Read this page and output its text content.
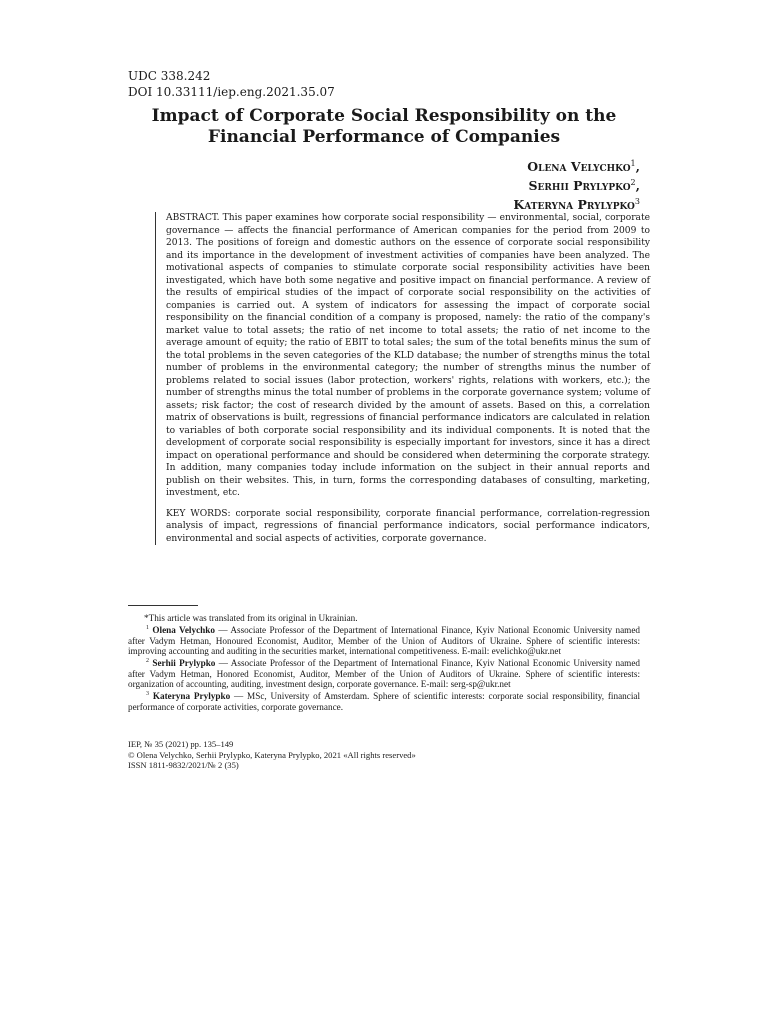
UDC 338.242
DOI 10.33111/iep.eng.2021.35.07
Impact of Corporate Social Responsibility on the
Financial Performance of Companies
Olena Velychko$^1$,
Serhii Prylypko$^2$,
Kateryna Prylypko$^3$

ABSTRACT. This paper examines how corporate social responsibility — environmental, social, corporate governance — affects the financial performance of American companies for the period from 2009 to 2013. The positions of foreign and domestic authors on the essence of corporate social responsibility and its importance in the development of investment activities of companies have been analyzed. The motivational aspects of companies to stimulate corporate social responsibility activities have been investigated, which have both some negative and positive impact on financial performance. A review of the results of empirical studies of the impact of corporate social responsibility on the activities of companies is carried out. A system of indicators for assessing the impact of corporate social responsibility on the financial condition of a company is proposed, namely: the ratio of the company's market value to total assets; the ratio of net income to total assets; the ratio of net income to the average amount of equity; the ratio of EBIT to total sales; the sum of the total benefits minus the sum of the total problems in the seven categories of the KLD database; the number of strengths minus the total number of problems in the environmental category; the number of strengths minus the number of problems related to social issues (labor protection, workers' rights, relations with workers, etc.); the number of strengths minus the total number of problems in the corporate governance system; volume of assets; risk factor; the cost of research divided by the amount of assets. Based on this, a correlation matrix of observations is built, regressions of financial performance indicators are calculated in relation to variables of both corporate social responsibility and its individual components. It is noted that the development of corporate social responsibility is especially important for investors, since it has a direct impact on operational performance and should be considered when determining the corporate strategy. In addition, many companies today include information on the subject in their annual reports and publish on their websites. This, in turn, forms the corresponding databases of consulting, marketing, investment, etc.

KEY WORDS: corporate social responsibility, corporate financial performance, correlation-regression analysis of impact, regressions of financial performance indicators, social performance indicators, environmental and social aspects of activities, corporate governance.

*This article was translated from its original in Ukrainian.

$^1$ Olena Velychko — Associate Professor of the Department of International Finance, Kyiv National Economic University named after Vadym Hetman, Honoured Economist, Auditor, Member of the Union of Auditors of Ukraine. Sphere of scientific interests: improving accounting and auditing in the securities market, international competitiveness. E-mail: evelichko@ukr.net

$^2$ Serhii Prylypko — Associate Professor of the Department of International Finance, Kyiv National Economic University named after Vadym Hetman, Honored Economist, Auditor, Member of the Union of Auditors of Ukraine. Sphere of scientific interests: organization of accounting, auditing, investment design, corporate governance. E-mail: serg-sp@ukr.net

$^3$ Kateryna Prylypko — MSc, University of Amsterdam. Sphere of scientific interests: corporate social responsibility, financial performance of corporate activities, corporate governance.

IEP, № 35 (2021) pp. 135–149

© Olena Velychko, Serhii Prylypko, Kateryna Prylypko, 2021 «All rights reserved»

ISSN 1811-9832/2021/№ 2 (35)
